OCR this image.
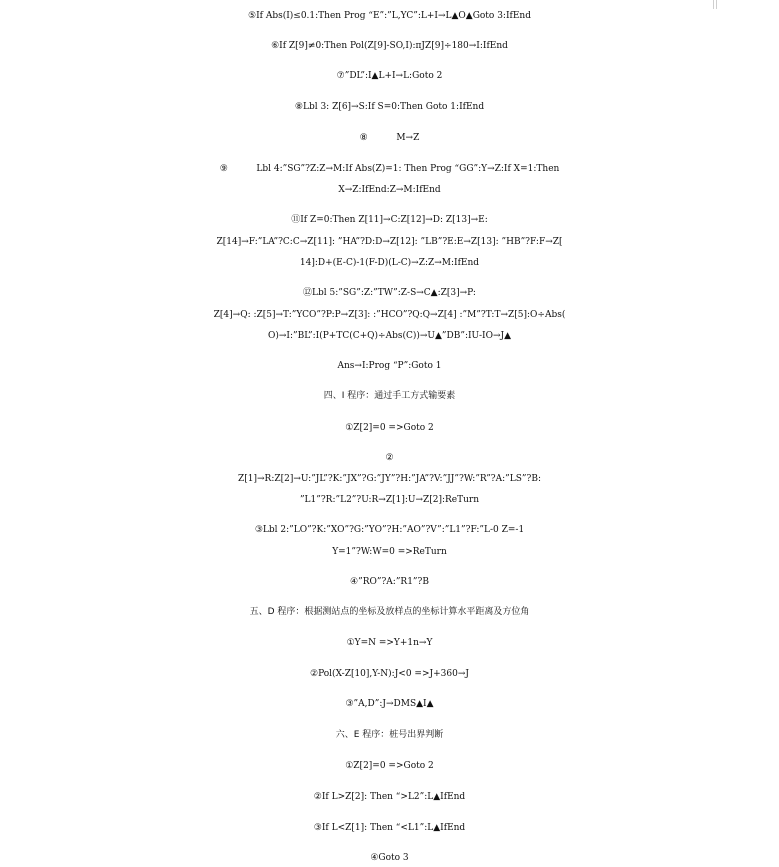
⑤If Abs(I)≤0.1:Then Prog “E”:”L,YC”:L+I→L▲O▲Goto 3:IfEnd
⑥If Z[9]≠0:Then Pol(Z[9]-SO,I):πJZ[9]÷180→I:IfEnd
⑦”DL”:I▲L+I→L:Goto 2
⑧Lbl 3: Z[6]→S:If S=0:Then Goto 1:IfEnd
⑧          M→Z
⑨          Lbl 4:”SG”?Z:Z→M:If Abs(Z)=1: Then Prog “GG”:Y→Z:If X=1:Then
X→Z:IfEnd:Z→M:IfEnd
⑪If Z=0:Then Z[11]→C:Z[12]→D: Z[13]→E:
Z[14]→F:”LA”?C:C→Z[11]: ”HA”?D:D→Z[12]: ”LB”?E:E→Z[13]: ”HB”?F:F→Z[
14]:D+(E-C)-1(F-D)(L-C)→Z:Z→M:IfEnd
⑫Lbl 5:”SG”:Z:”TW”:Z-S→C▲:Z[3]→P:
Z[4]→Q: :Z[5]→T:”YCO”?P:P→Z[3]: :”HCO”?Q:Q→Z[4] :”M”?T:T→Z[5]:O÷Abs(
O)→I:”BL”:I(P+TC(C+Q)÷Abs(C))→U▲”DB”:IU-IO→J▲
Ans→I:Prog “P”:Goto 1
四、I 程序：通过手工方式输要素
①Z[2]=0 =>Goto 2
②
Z[1]→R:Z[2]→U:”JL”?K:”JX”?G:”JY”?H:”JA”?V:”JJ”?W:”R”?A:”LS”?B:
”L1”?R:”L2”?U:R→Z[1]:U→Z[2]:ReTurn
③Lbl 2:”LO”?K:”XO”?G:”YO”?H:”AO”?V”:”L1”?F:”L-0 Z=-1
Y=1”?W:W=0 =>ReTurn
④”RO”?A:”R1”?B
五、D 程序：根据测站点的坐标及放样点的坐标计算水平距离及方位角
①Y=N =>Y+1n→Y
②Pol(X-Z[10],Y-N):J<0 =>J+360→J
③”A,D”:J→DMS▲I▲
六、E 程序：桩号出界判断
①Z[2]=0 =>Goto 2
②If L>Z[2]: Then “>L2”:L▲IfEnd
③If L<Z[1]: Then “<L1”:L▲IfEnd
④Goto 3
